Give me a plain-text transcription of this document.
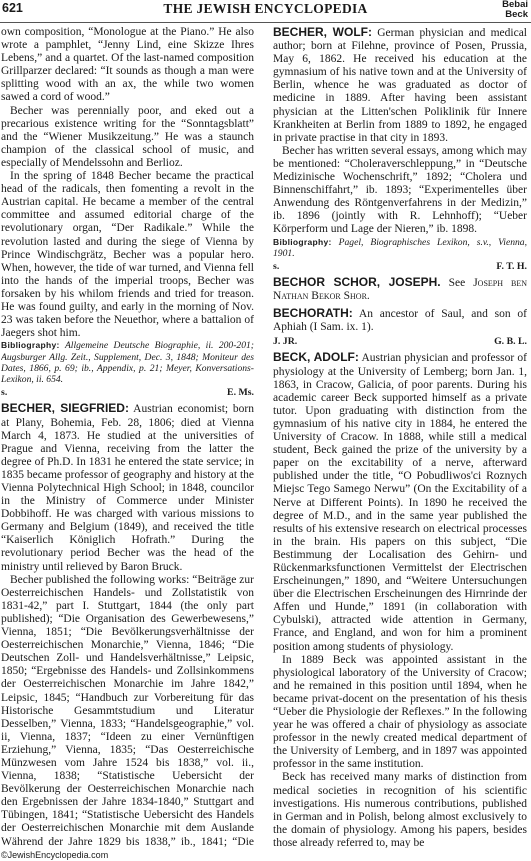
621	THE JEWISH ENCYCLOPEDIA	Bebai
Beck

own composition, “Monologue at the Piano.” He also wrote a pamphlet, “Jenny Lind, eine Skizze Ihres Lebens,” and a quartet. Of the last-named composition Grillparzer declared: “It sounds as though a man were splitting wood with an ax, the while two women sawed a cord of wood.”

Becher was perennially poor, and eked out a precarious existence writing for the “Sonntagsblatt” and the “Wiener Musikzeitung.” He was a staunch champion of the classical school of music, and especially of Mendelssohn and Berlioz.

In the spring of 1848 Becher became the practical head of the radicals, then fomenting a revolt in the Austrian capital. He became a member of the central committee and assumed editorial charge of the revolutionary organ, “Der Radikale.” While the revolution lasted and during the siege of Vienna by Prince Windischgrätz, Becher was a popular hero. When, however, the tide of war turned, and Vienna fell into the hands of the imperial troops, Becher was forsaken by his whilom friends and tried for treason. He was found guilty, and early in the morning of Nov. 23 was taken before the Neuethor, where a battalion of Jaegers shot him.

Bibliography: Allgemeine Deutsche Biographie, ii. 200-201; Augsburger Allg. Zeit., Supplement, Dec. 3, 1848; Moniteur des Dates, 1866, p. 69; ib., Appendix, p. 21; Meyer, Konversations-Lexikon, ii. 654.

s.	E. Ms.

BECHER, SIEGFRIED: Austrian economist; born at Plany, Bohemia, Feb. 28, 1806; died at Vienna March 4, 1873. He studied at the universities of Prague and Vienna, receiving from the latter the degree of Ph.D. In 1831 he entered the state service; in 1835 became professor of geography and history at the Vienna Polytechnical High School; in 1848, councilor in the Ministry of Commerce under Minister Dobbihoff. He was charged with various missions to Germany and Belgium (1849), and received the title “Kaiserlich Königlich Hofrath.” During the revolutionary period Becher was the head of the ministry until relieved by Baron Bruck.

Becher published the following works: “Beiträge zur Oesterreichischen Handels- und Zollstatistik von 1831-42,” part I. Stuttgart, 1844 (the only part published); “Die Organisation des Gewerbewesens,” Vienna, 1851; “Die Bevölkerungsverhältnisse der Oesterreichischen Monarchie,” Vienna, 1846; “Die Deutschen Zoll- und Handelsverhältnisse,” Leipsic, 1850; “Ergebnisse des Handels- und Zollsinkommens der Oesterreichischen Monarchie im Jahre 1842,” Leipsic, 1845; “Handbuch zur Vorbereitung für das Historische Gesammtstudium und Literatur Desselben,” Vienna, 1833; “Handelsgeographie,” vol. ii, Vienna, 1837; “Ideen zu einer Vernünftigen Erziehung,” Vienna, 1835; “Das Oesterreichische Münzwesen vom Jahre 1524 bis 1838,” vol. ii., Vienna, 1838; “Statistische Uebersicht der Bevölkerung der Oesterreichischen Monarchie nach den Ergebnissen der Jahre 1834-1840,” Stuttgart and Tübingen, 1841; “Statistische Uebersicht des Handels der Oesterreichischen Monarchie mit dem Auslande Während der Jahre 1829 bis 1838,” ib., 1841; “Die

BECHER, WOLF: German physician and medical author; born at Filehne, province of Posen, Prussia, May 6, 1862. He received his education at the gymnasium of his native town and at the University of Berlin, whence he was graduated as doctor of medicine in 1889. After having been assistant physician at the Litten'schen Poliklinik für Innere Krankheiten at Berlin from 1889 to 1892, he engaged in private practise in that city in 1893.

Becher has written several essays, among which may be mentioned: “Choleraverschleppung,” in “Deutsche Medizinische Wochenschrift,” 1892; “Cholera und Binnenschiffahrt,” ib. 1893; “Experimentelles über Anwendung des Röntgenverfahrens in der Medizin,” ib. 1896 (jointly with R. Lehnhoff); “Ueber Körperform und Lage der Nieren,” ib. 1898.

Bibliography: Pagel, Biographisches Lexikon, s.v., Vienna, 1901.

s.	F. T. H.

BECHOR SCHOR, JOSEPH. See Joseph ben Nathan Bekor Shor.

BECHORATH: An ancestor of Saul, and son of Aphiah (I Sam. ix. 1).

J. JR.	G. B. L.

BECK, ADOLF: Austrian physician and professor of physiology at the University of Lemberg; born Jan. 1, 1863, in Cracow, Galicia, of poor parents. During his academic career Beck supported himself as a private tutor. Upon graduating with distinction from the gymnasium of his native city in 1884, he entered the University of Cracow. In 1888, while still a medical student, Beck gained the prize of the university by a paper on the excitability of a nerve, afterward published under the title, “O Pobudliwos'ci Roznych Miejsc Tego Samego Nerwu” (On the Excitability of a Nerve at Different Points). In 1890 he received the degree of M.D., and in the same year published the results of his extensive research on electrical processes in the brain. His papers on this subject, “Die Bestimmung der Localisation des Gehirn- und Rückenmarksfunctionen Vermittelst der Electrischen Erscheinungen,” 1890, and “Weitere Untersuchungen über die Electrischen Erscheinungen des Hirnrinde der Affen und Hunde,” 1891 (in collaboration with Cybulski), attracted wide attention in Germany, France, and England, and won for him a prominent position among students of physiology.

In 1889 Beck was appointed assistant in the physiological laboratory of the University of Cracow; and he remained in this position until 1894, when he became privat-docent on the presentation of his thesis “Ueber die Physiologie der Reflexes.” In the following year he was offered a chair of physiology as associate professor in the newly created medical department of the University of Lemberg, and in 1897 was appointed professor in the same institution.

Beck has received many marks of distinction from medical societies in recognition of his scientific investigations. His numerous contributions, published in German and in Polish, belong almost exclusively to the domain of physiology. Among his papers, besides those already referred to, may be

©JewishEncyclopedia.com
